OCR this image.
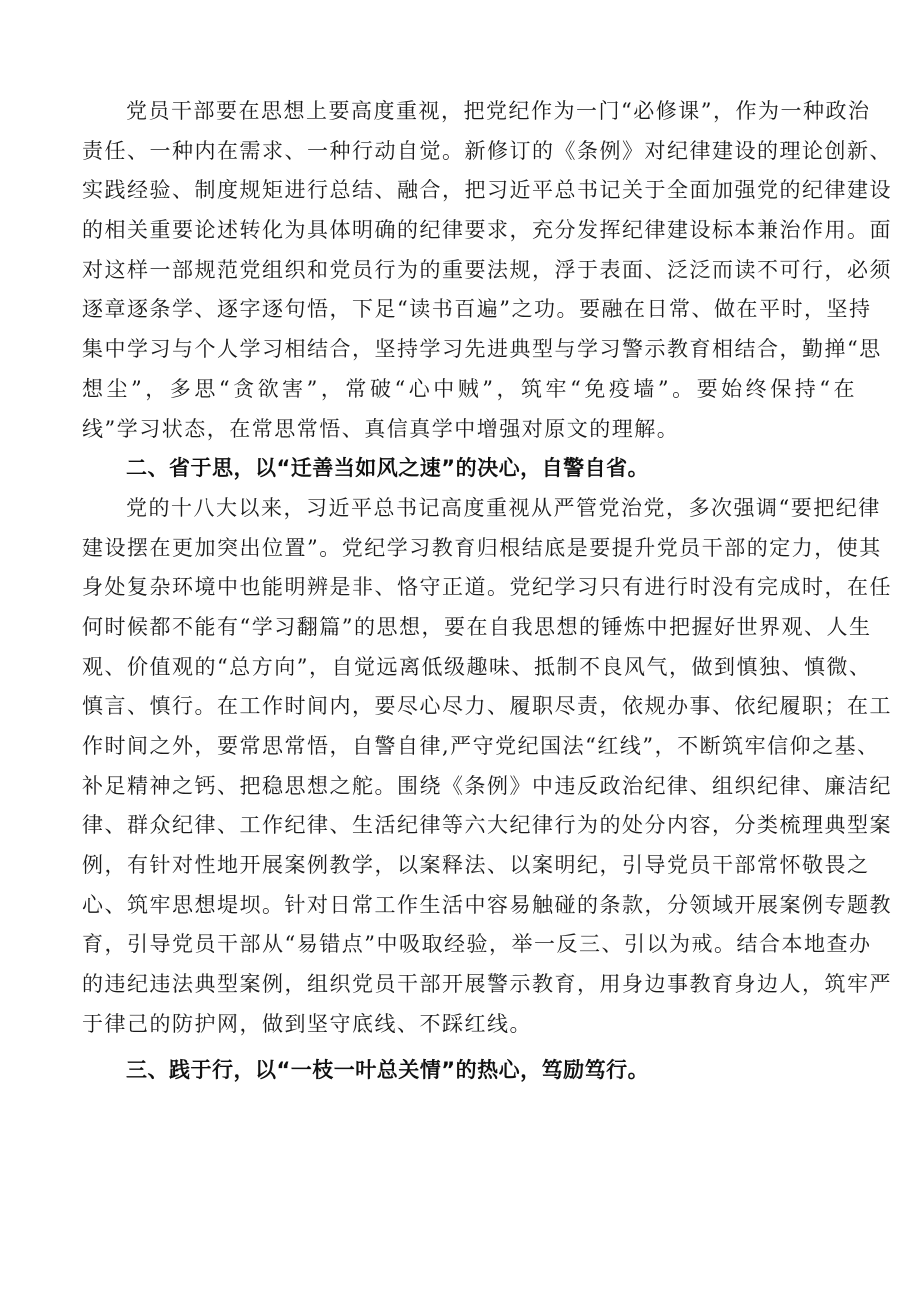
党员干部要在思想上要高度重视，把党纪作为一门“必修课”，作为一种政治
责任、一种内在需求、一种行动自觉。新修订的《条例》对纪律建设的理论创新、
实践经验、制度规矩进行总结、融合，把习近平总书记关于全面加强党的纪律建设
的相关重要论述转化为具体明确的纪律要求，充分发挥纪律建设标本兼治作用。面
对这样一部规范党组织和党员行为的重要法规，浮于表面、泛泛而读不可行，必须
逐章逐条学、逐字逐句悟，下足“读书百遍”之功。要融在日常、做在平时，坚持
集中学习与个人学习相结合，坚持学习先进典型与学习警示教育相结合，勤掸“思
想尘”，多思“贪欲害”，常破“心中贼”，筑牢“免疫墙”。要始终保持“在
线”学习状态，在常思常悟、真信真学中增强对原文的理解。
二、省于思，以“迁善当如风之速”的决心，自警自省。
党的十八大以来，习近平总书记高度重视从严管党治党，多次强调“要把纪律
建设摆在更加突出位置”。党纪学习教育归根结底是要提升党员干部的定力，使其
身处复杂环境中也能明辨是非、恪守正道。党纪学习只有进行时没有完成时，在任
何时候都不能有“学习翻篇”的思想，要在自我思想的锤炼中把握好世界观、人生
观、价值观的“总方向”，自觉远离低级趣味、抵制不良风气，做到慎独、慎微、
慎言、慎行。在工作时间内，要尽心尽力、履职尽责，依规办事、依纪履职；在工
作时间之外，要常思常悟，自警自律,严守党纪国法“红线”，不断筑牢信仰之基、
补足精神之钙、把稳思想之舵。围绕《条例》中违反政治纪律、组织纪律、廉洁纪
律、群众纪律、工作纪律、生活纪律等六大纪律行为的处分内容，分类梳理典型案
例，有针对性地开展案例教学，以案释法、以案明纪，引导党员干部常怀敬畏之
心、筑牢思想堤坝。针对日常工作生活中容易触碰的条款，分领域开展案例专题教
育，引导党员干部从“易错点”中吸取经验，举一反三、引以为戒。结合本地查办
的违纪违法典型案例，组织党员干部开展警示教育，用身边事教育身边人，筑牢严
于律己的防护网，做到坚守底线、不踩红线。
三、践于行，以“一枝一叶总关情”的热心，笃励笃行。
